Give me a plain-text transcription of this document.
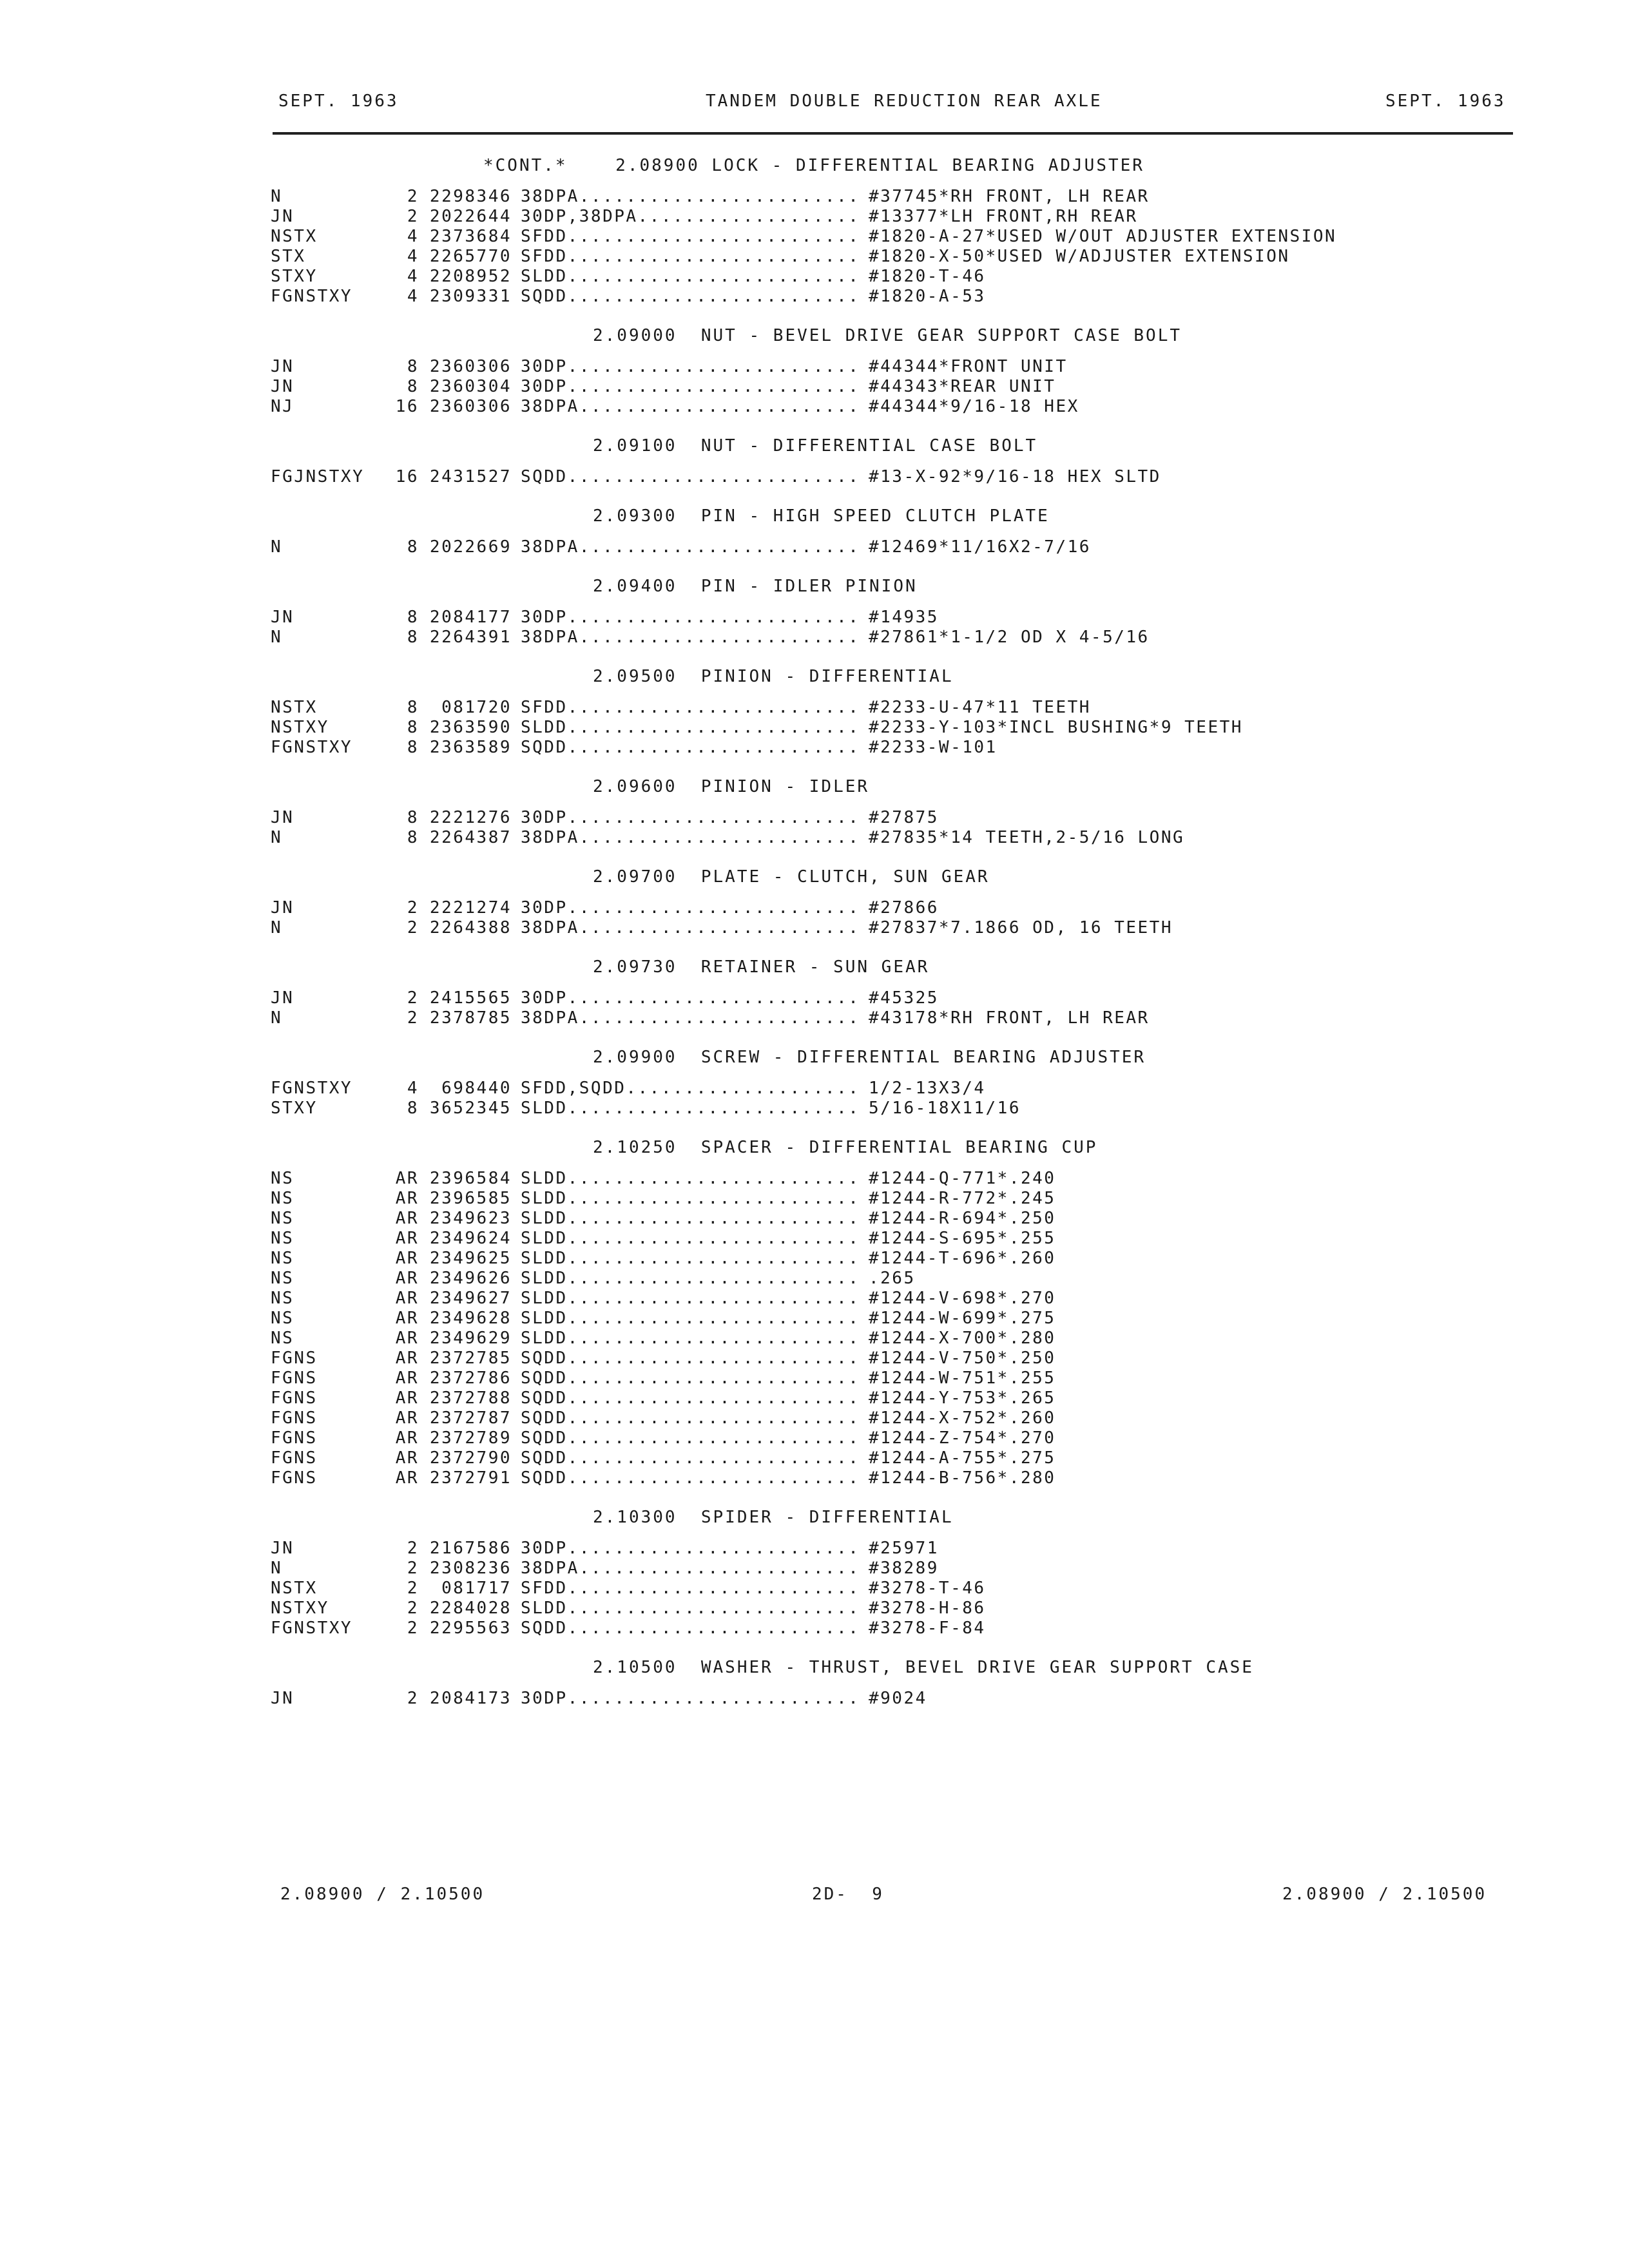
SEPT. 1963	TANDEM DOUBLE REDUCTION REAR AXLE	SEPT. 1963
*CONT.*    2.08900 LOCK - DIFFERENTIAL BEARING ADJUSTER
N	2 2298346 38DPA........................ #37745*RH FRONT, LH REAR
JN	2 2022644 30DP,38DPA................... #13377*LH FRONT,RH REAR
NSTX	4 2373684 SFDD......................... #1820-A-27*USED W/OUT ADJUSTER EXTENSION
STX	4 2265770 SFDD......................... #1820-X-50*USED W/ADJUSTER EXTENSION
STXY	4 2208952 SLDD......................... #1820-T-46
FGNSTXY	4 2309331 SQDD......................... #1820-A-53
2.09000  NUT - BEVEL DRIVE GEAR SUPPORT CASE BOLT
JN	8 2360306 30DP......................... #44344*FRONT UNIT
JN	8 2360304 30DP......................... #44343*REAR UNIT
NJ	16 2360306 38DPA........................ #44344*9/16-18 HEX
2.09100  NUT - DIFFERENTIAL CASE BOLT
FGJNSTXY	16 2431527 SQDD......................... #13-X-92*9/16-18 HEX SLTD
2.09300  PIN - HIGH SPEED CLUTCH PLATE
N	8 2022669 38DPA........................ #12469*11/16X2-7/16
2.09400  PIN - IDLER PINION
JN	8 2084177 30DP......................... #14935
N	8 2264391 38DPA........................ #27861*1-1/2 OD X 4-5/16
2.09500  PINION - DIFFERENTIAL
NSTX	8	081720 SFDD......................... #2233-U-47*11 TEETH
NSTXY	8 2363590 SLDD......................... #2233-Y-103*INCL BUSHING*9 TEETH
FGNSTXY	8 2363589 SQDD......................... #2233-W-101
2.09600  PINION - IDLER
JN	8 2221276 30DP......................... #27875
N	8 2264387 38DPA........................ #27835*14 TEETH,2-5/16 LONG
2.09700  PLATE - CLUTCH, SUN GEAR
JN	2 2221274 30DP......................... #27866
N	2 2264388 38DPA........................ #27837*7.1866 OD, 16 TEETH
2.09730  RETAINER - SUN GEAR
JN	2 2415565 30DP......................... #45325
N	2 2378785 38DPA........................ #43178*RH FRONT, LH REAR
2.09900  SCREW - DIFFERENTIAL BEARING ADJUSTER
FGNSTXY	4	698440 SFDD,SQDD.................... 1/2-13X3/4
STXY	8 3652345 SLDD......................... 5/16-18X11/16
2.10250  SPACER - DIFFERENTIAL BEARING CUP
NS	AR 2396584 SLDD......................... #1244-Q-771*.240
NS	AR 2396585 SLDD......................... #1244-R-772*.245
NS	AR 2349623 SLDD......................... #1244-R-694*.250
NS	AR 2349624 SLDD......................... #1244-S-695*.255
NS	AR 2349625 SLDD......................... #1244-T-696*.260
NS	AR 2349626 SLDD......................... .265
NS	AR 2349627 SLDD......................... #1244-V-698*.270
NS	AR 2349628 SLDD......................... #1244-W-699*.275
NS	AR 2349629 SLDD......................... #1244-X-700*.280
FGNS	AR 2372785 SQDD......................... #1244-V-750*.250
FGNS	AR 2372786 SQDD......................... #1244-W-751*.255
FGNS	AR 2372788 SQDD......................... #1244-Y-753*.265
FGNS	AR 2372787 SQDD......................... #1244-X-752*.260
FGNS	AR 2372789 SQDD......................... #1244-Z-754*.270
FGNS	AR 2372790 SQDD......................... #1244-A-755*.275
FGNS	AR 2372791 SQDD......................... #1244-B-756*.280
2.10300  SPIDER - DIFFERENTIAL
JN	2 2167586 30DP......................... #25971
N	2 2308236 38DPA........................ #38289
NSTX	2	081717 SFDD......................... #3278-T-46
NSTXY	2 2284028 SLDD......................... #3278-H-86
FGNSTXY	2 2295563 SQDD......................... #3278-F-84
2.10500  WASHER - THRUST, BEVEL DRIVE GEAR SUPPORT CASE
JN	2 2084173 30DP......................... #9024
2.08900 / 2.10500	2D-  9	2.08900 / 2.10500
